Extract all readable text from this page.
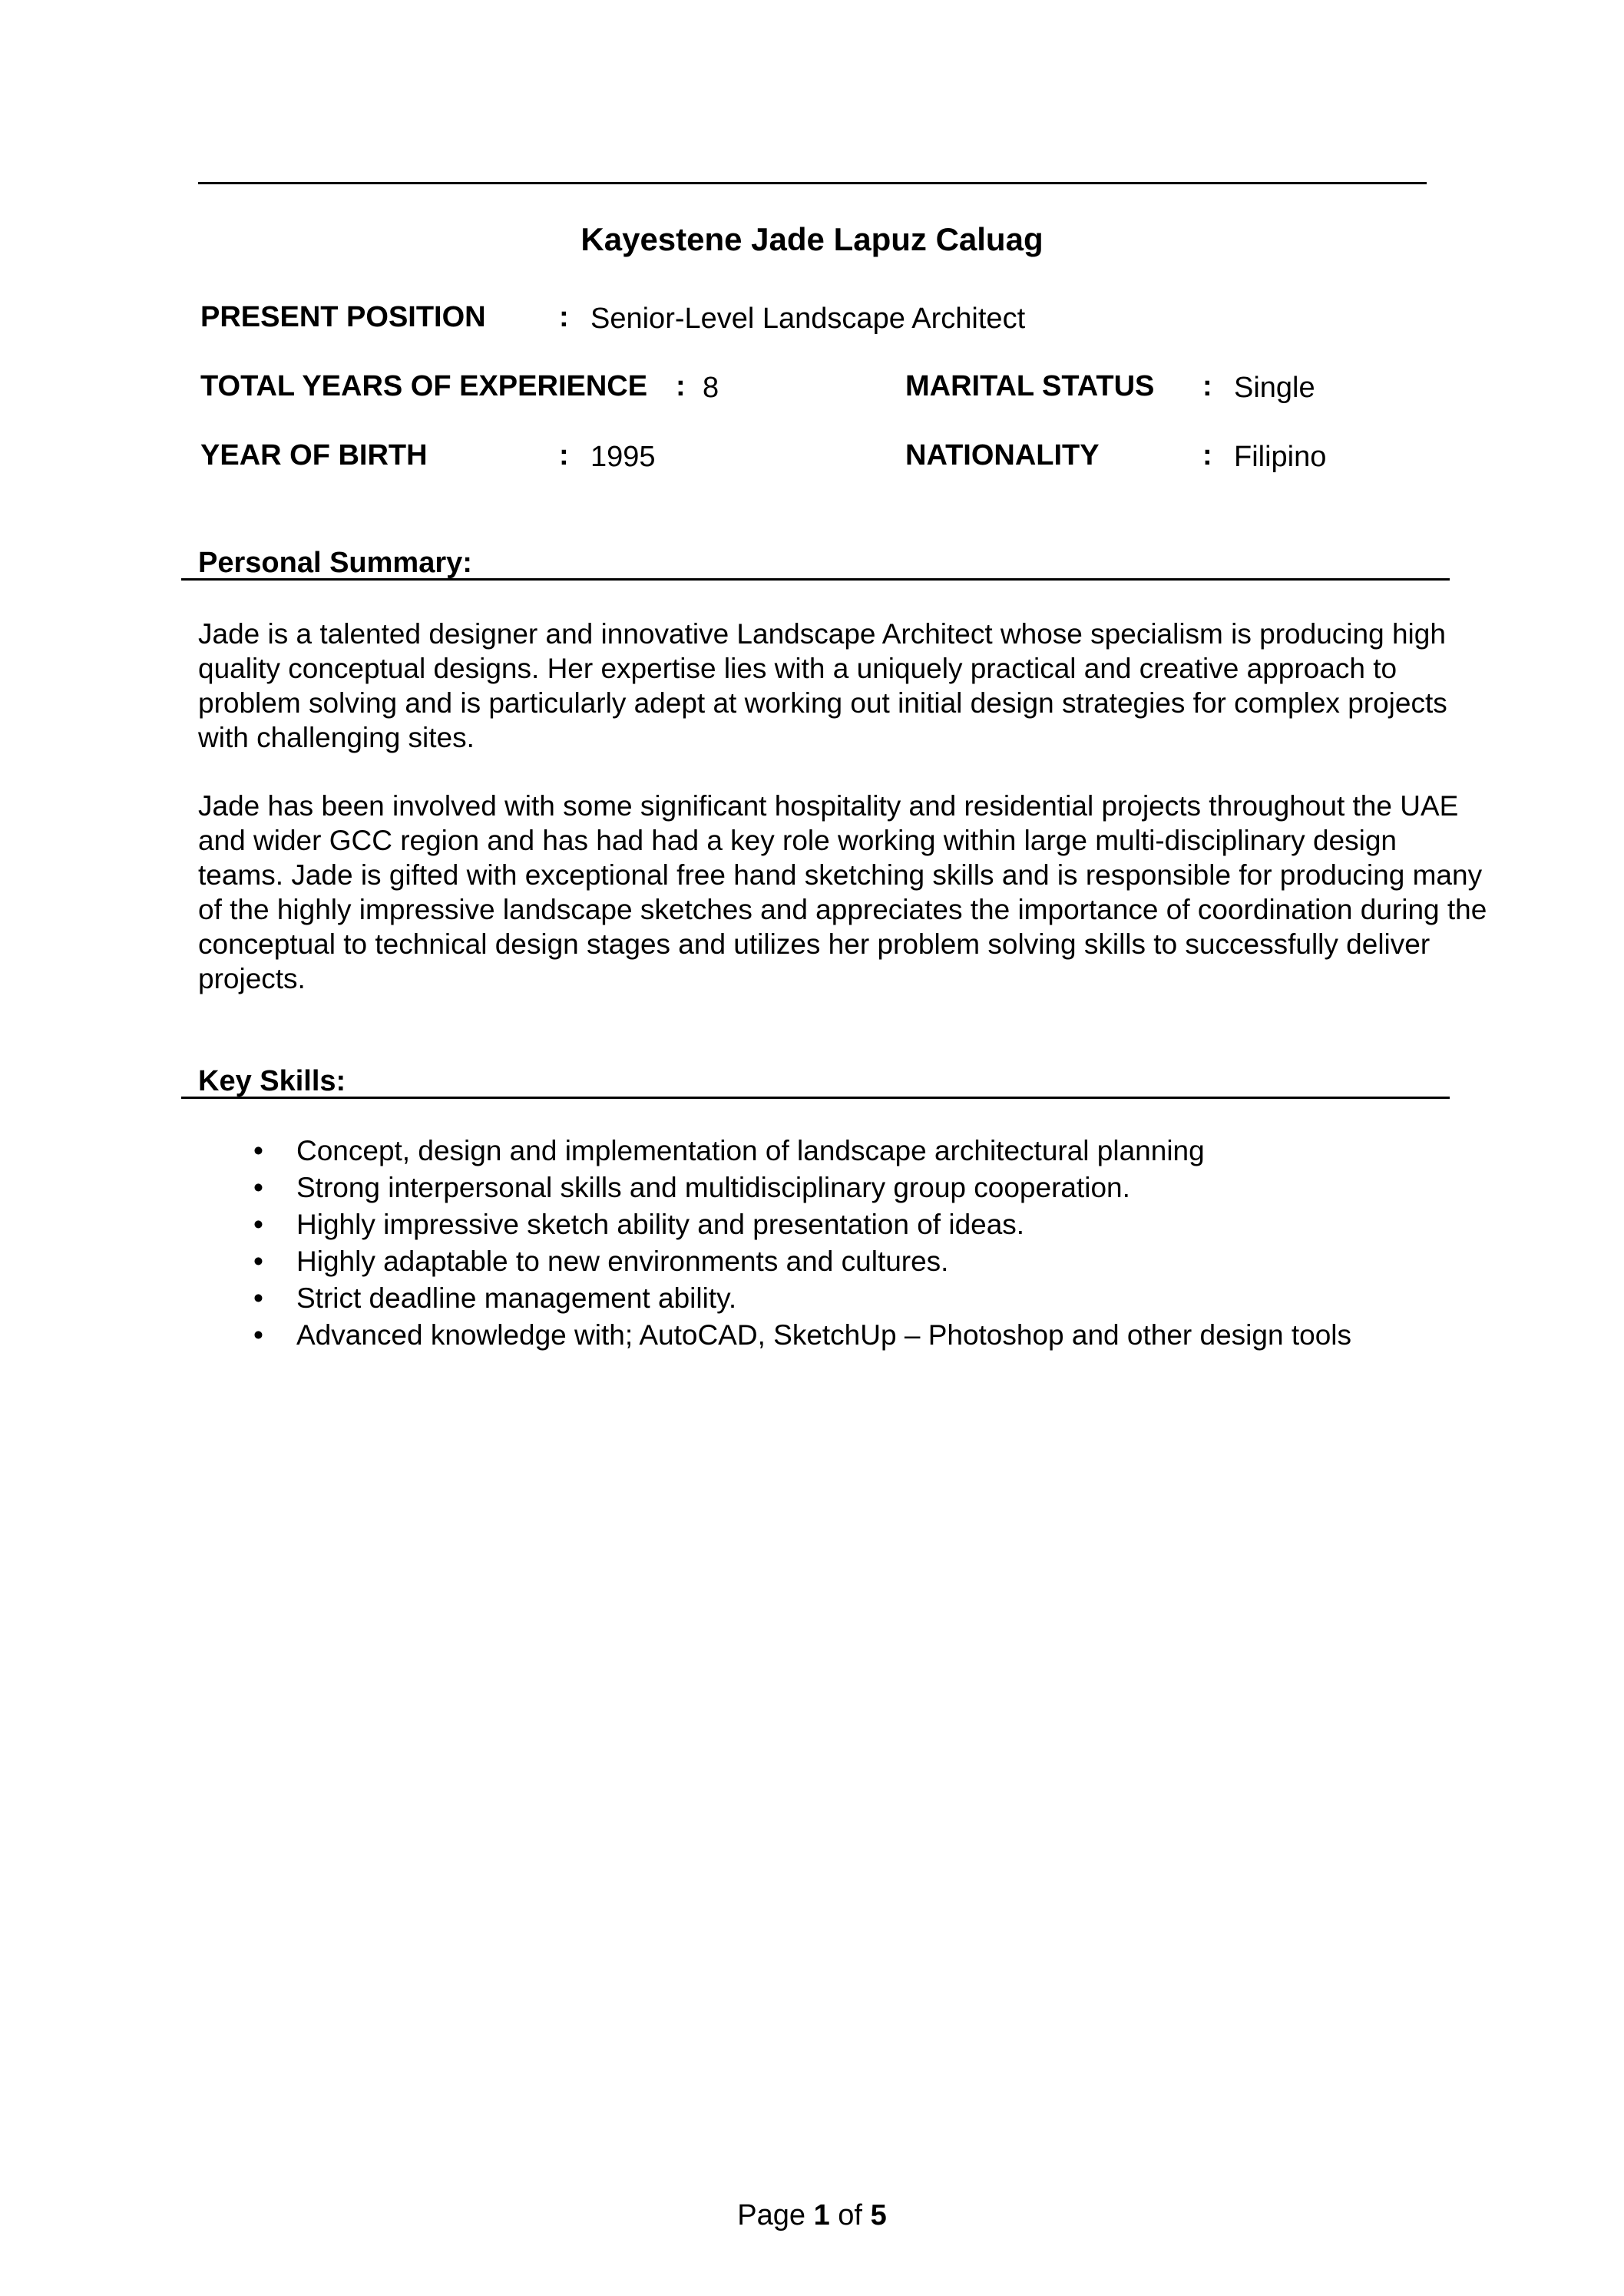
Kayestene Jade Lapuz Caluag
PRESENT POSITION	: Senior-Level Landscape Architect
TOTAL YEARS OF EXPERIENCE : 8	MARITAL STATUS : Single
YEAR OF BIRTH	: 1995	NATIONALITY	: Filipino
Personal Summary:

Jade is a talented designer and innovative Landscape Architect whose specialism is producing high quality conceptual designs. Her expertise lies with a uniquely practical and creative approach to problem solving and is particularly adept at working out initial design strategies for complex projects with challenging sites.

Jade has been involved with some significant hospitality and residential projects throughout the UAE and wider GCC region and has had had a key role working within large multi-disciplinary design teams. Jade is gifted with exceptional free hand sketching skills and is responsible for producing many of the highly impressive landscape sketches and appreciates the importance of coordination during the conceptual to technical design stages and utilizes her problem solving skills to successfully deliver projects.

Key Skills:
• Concept, design and implementation of landscape architectural planning
• Strong interpersonal skills and multidisciplinary group cooperation.
• Highly impressive sketch ability and presentation of ideas.
• Highly adaptable to new environments and cultures.
• Strict deadline management ability.
• Advanced knowledge with; AutoCAD, SketchUp – Photoshop and other design tools
Page 1 of 5
